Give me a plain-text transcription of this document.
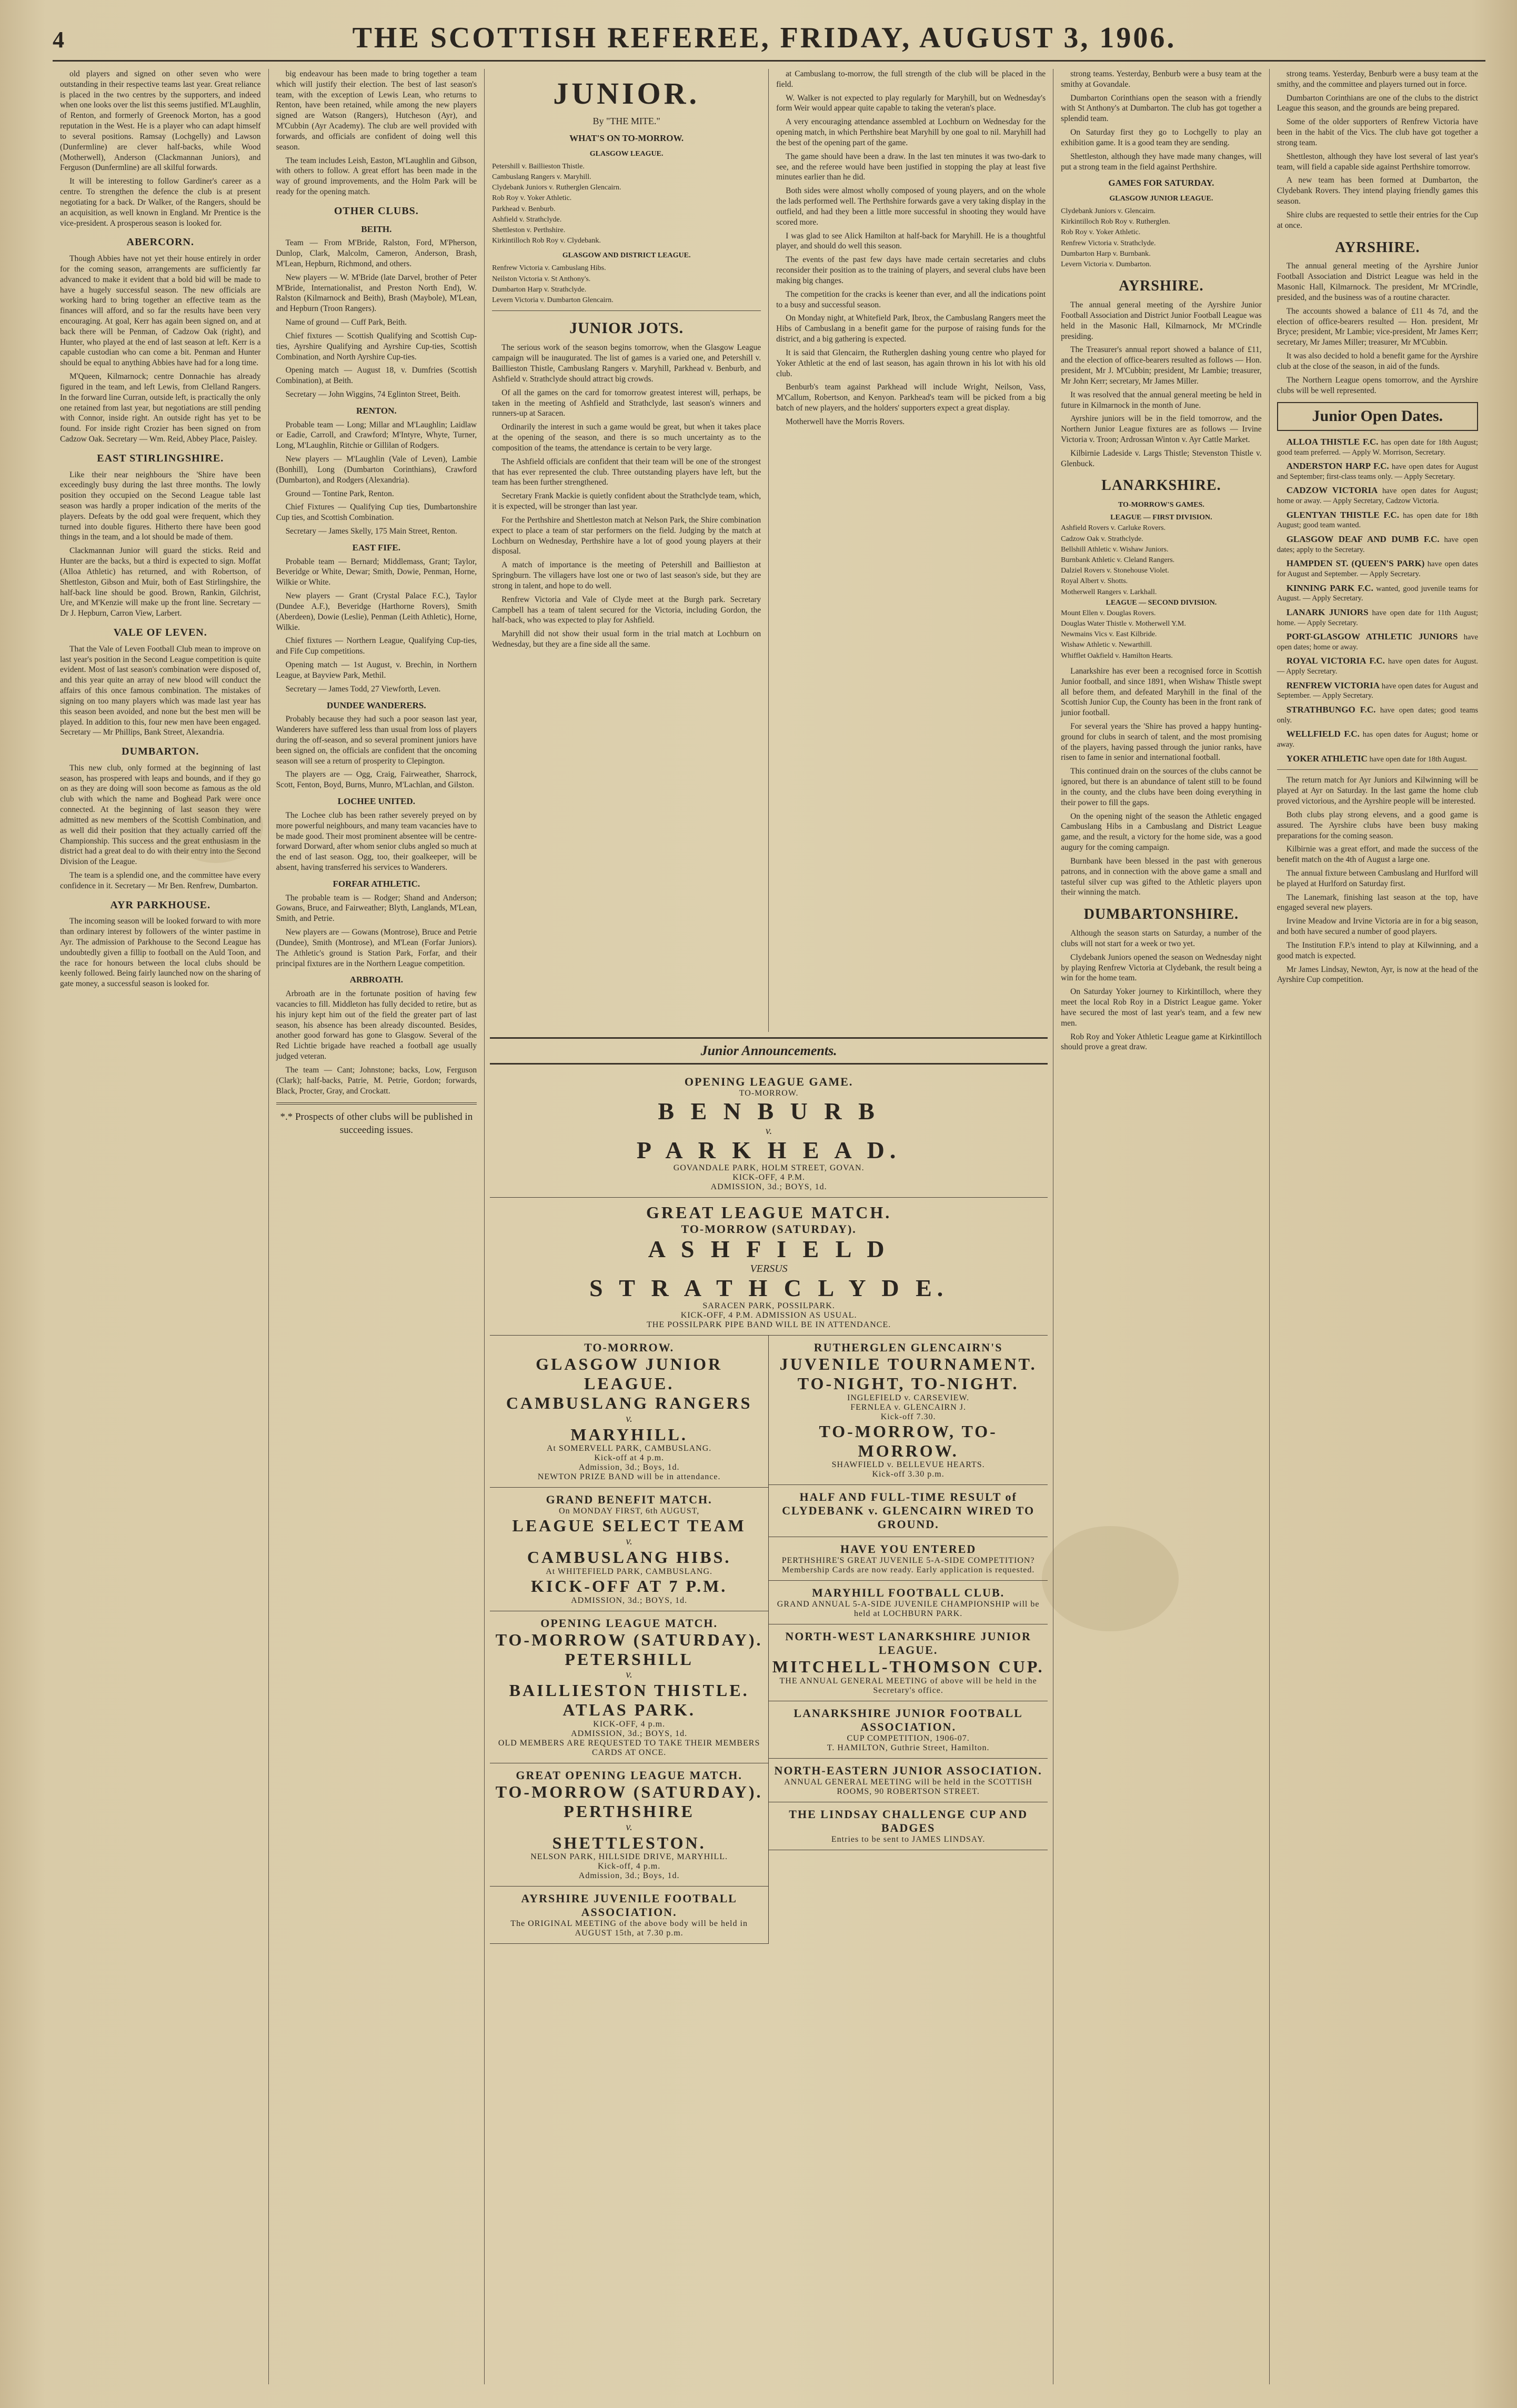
4	THE SCOTTISH REFEREE, FRIDAY, AUGUST 3, 1906.

old players and signed on other seven who were outstanding in their respective teams last year. Great reliance is placed in the two centres by the supporters, and indeed when one looks over the list this seems justified. M'Laughlin, of Renton, and formerly of Greenock Morton, has a good reputation in the West. He is a player who can adapt himself to several positions. Ramsay (Lochgelly) and Lawson (Dunfermline) are clever half-backs, while Wood (Motherwell), Anderson (Clackmannan Juniors), and Ferguson (Dunfermline) are all skilful forwards.

It will be interesting to follow Gardiner's career as a centre. To strengthen the defence the club is at present negotiating for a back. Dr Walker, of the Rangers, should be an acquisition, as well known in England. Mr Prentice is the vice-president. A prosperous season is looked for.

ABERCORN.

Though Abbies have not yet their house entirely in order for the coming season, arrangements are sufficiently far advanced to make it evident that a bold bid will be made to have a hugely successful season. The new officials are working hard to bring together an effective team as the finances will afford, and so far the results have been very encouraging. At goal, Kerr has again been signed on, and at back there will be Penman, of Cadzow Oak (right), and Hunter, who played at the end of last season at left. Kerr is a capable custodian who can come a bit. Penman and Hunter should be equal to anything Abbies have had for a long time.

M'Queen, Kilmarnock; centre Donnachie has already figured in the team, and left Lewis, from Clelland Rangers. In the forward line Curran, outside left, is practically the only one retained from last year, but negotiations are still pending with Connor, inside right. An outside right has yet to be found. For inside right Crozier has been signed on from Cadzow Oak. Secretary — Wm. Reid, Abbey Place, Paisley.

EAST STIRLINGSHIRE.

Like their near neighbours the 'Shire have been exceedingly busy during the last three months. The lowly position they occupied on the Second League table last season was hardly a proper indication of the merits of the players. Defeats by the odd goal were frequent, which they turned into double figures. Hitherto there have been good things in the team, and a lot should be made of them.

Clackmannan Junior will guard the sticks. Reid and Hunter are the backs, but a third is expected to sign. Moffat (Alloa Athletic) has returned, and with Robertson, of Shettleston, Gibson and Muir, both of East Stirlingshire, the half-back line should be good. Brown, Rankin, Gilchrist, Ure, and M'Kenzie will make up the front line. Secretary — Dr J. Hepburn, Carron View, Larbert.

VALE OF LEVEN.

That the Vale of Leven Football Club mean to improve on last year's position in the Second League competition is quite evident. Most of last season's combination were disposed of, and this year quite an array of new blood will conduct the affairs of this once famous combination. The mistakes of signing on too many players which was made last year has this season been avoided, and none but the best men will be played. In addition to this, four new men have been engaged. Secretary — Mr Phillips, Bank Street, Alexandria.

DUMBARTON.

This new club, only formed at the beginning of last season, has prospered with leaps and bounds, and if they go on as they are doing will soon become as famous as the old club with which the name and Boghead Park were once connected. At the beginning of last season they were admitted as new members of the Scottish Combination, and as well did their position that they actually carried off the Championship. This success and the great enthusiasm in the district had a great deal to do with their entry into the Second Division of the League.

The team is a splendid one, and the committee have every confidence in it. Secretary — Mr Ben. Renfrew, Dumbarton.

AYR PARKHOUSE.

The incoming season will be looked forward to with more than ordinary interest by followers of the winter pastime in Ayr. The admission of Parkhouse to the Second League has undoubtedly given a fillip to football on the Auld Toon, and the race for honours between the local clubs should be keenly followed. Being fairly launched now on the sharing of gate money, a successful season is looked for.

big endeavour has been made to bring together a team which will justify their election. The best of last season's team, with the exception of Lewis Lean, who returns to Renton, have been retained, while among the new players signed are Watson (Rangers), Hutcheson (Ayr), and M'Cubbin (Ayr Academy). The club are well provided with forwards, and officials are confident of doing well this season.

The team includes Leish, Easton, M'Laughlin and Gibson, with others to follow. A great effort has been made in the way of ground improvements, and the Holm Park will be ready for the opening match.

OTHER CLUBS.
BEITH.

Team — From M'Bride, Ralston, Ford, M'Pherson, Dunlop, Clark, Malcolm, Cameron, Anderson, Brash, M'Lean, Hepburn, Richmond, and others.

New players — W. M'Bride (late Darvel, brother of Peter M'Bride, Internationalist, and Preston North End), W. Ralston (Kilmarnock and Beith), Brash (Maybole), M'Lean, and Hepburn (Troon Rangers).

Name of ground — Cuff Park, Beith.

Chief fixtures — Scottish Qualifying and Scottish Cup-ties, Ayrshire Qualifying and Ayrshire Cup-ties, Scottish Combination, and North Ayrshire Cup-ties.

Opening match — August 18, v. Dumfries (Scottish Combination), at Beith.

Secretary — John Wiggins, 74 Eglinton Street, Beith.

RENTON.

Probable team — Long; Millar and M'Laughlin; Laidlaw or Eadie, Carroll, and Crawford; M'Intyre, Whyte, Turner, Long, M'Laughlin, Ritchie or Gillilan of Rodgers.

New players — M'Laughlin (Vale of Leven), Lambie (Bonhill), Long (Dumbarton Corinthians), Crawford (Dumbarton), and Rodgers (Alexandria).

Ground — Tontine Park, Renton.

Chief Fixtures — Qualifying Cup ties, Dumbartonshire Cup ties, and Scottish Combination.

Secretary — James Skelly, 175 Main Street, Renton.

EAST FIFE.

Probable team — Bernard; Middlemass, Grant; Taylor, Beveridge or White, Dewar; Smith, Dowie, Penman, Horne, Wilkie or White.

New players — Grant (Crystal Palace F.C.), Taylor (Dundee A.F.), Beveridge (Harthorne Rovers), Smith (Aberdeen), Dowie (Leslie), Penman (Leith Athletic), Horne, Wilkie.

Chief fixtures — Northern League, Qualifying Cup-ties, and Fife Cup competitions.

Opening match — 1st August, v. Brechin, in Northern League, at Bayview Park, Methil.

Secretary — James Todd, 27 Viewforth, Leven.

DUNDEE WANDERERS.

Probably because they had such a poor season last year, Wanderers have suffered less than usual from loss of players during the off-season, and so several prominent juniors have been signed on, the officials are confident that the oncoming season will see a return of prosperity to Clepington.

The players are — Ogg, Craig, Fairweather, Sharrock, Scott, Fenton, Boyd, Burns, Munro, M'Lachlan, and Gilston.

LOCHEE UNITED.

The Lochee club has been rather severely preyed on by more powerful neighbours, and many team vacancies have to be made good. Their most prominent absentee will be centre-forward Dorward, after whom senior clubs angled so much at the end of last season. Ogg, too, their goalkeeper, will be absent, having transferred his services to Wanderers.

FORFAR ATHLETIC.

The probable team is — Rodger; Shand and Anderson; Gowans, Bruce, and Fairweather; Blyth, Langlands, M'Lean, Smith, and Petrie.

New players are — Gowans (Montrose), Bruce and Petrie (Dundee), Smith (Montrose), and M'Lean (Forfar Juniors). The Athletic's ground is Station Park, Forfar, and their principal fixtures are in the Northern League competition.

ARBROATH.

Arbroath are in the fortunate position of having few vacancies to fill. Middleton has fully decided to retire, but as his injury kept him out of the field the greater part of last season, his absence has been already discounted. Besides, another good forward has gone to Glasgow. Several of the Red Lichtie brigade have reached a football age usually judged veteran.

The team — Cant; Johnstone; backs, Low, Ferguson (Clark); half-backs, Patrie, M. Petrie, Gordon; forwards, Black, Procter, Gray, and Crockatt.

*.* Prospects of other clubs will be published in succeeding issues.

JUNIOR.
By "THE MITE."
WHAT'S ON TO-MORROW.
GLASGOW LEAGUE.
Petershill v. Baillieston Thistle.
Cambuslang Rangers v. Maryhill.
Clydebank Juniors v. Rutherglen Glencairn.
Rob Roy v. Yoker Athletic.
Parkhead v. Benburb.
Ashfield v. Strathclyde.
Shettleston v. Perthshire.
Kirkintilloch Rob Roy v. Clydebank.
GLASGOW AND DISTRICT LEAGUE.
Renfrew Victoria v. Cambuslang Hibs.
Neilston Victoria v. St Anthony's.
Dumbarton Harp v. Strathclyde.
Levern Victoria v. Dumbarton Glencairn.
JUNIOR JOTS.

The serious work of the season begins tomorrow, when the Glasgow League campaign will be inaugurated. The list of games is a varied one, and Petershill v. Baillieston Thistle, Cambuslang Rangers v. Maryhill, Parkhead v. Benburb, and Ashfield v. Strathclyde should attract big crowds.

Of all the games on the card for tomorrow greatest interest will, perhaps, be taken in the meeting of Ashfield and Strathclyde, last season's winners and runners-up at Saracen.

Ordinarily the interest in such a game would be great, but when it takes place at the opening of the season, and there is so much uncertainty as to the composition of the teams, the attendance is certain to be very large.

The Ashfield officials are confident that their team will be one of the strongest that has ever represented the club. Three outstanding players have left, but the team has been further strengthened.

Secretary Frank Mackie is quietly confident about the Strathclyde team, which, it is expected, will be stronger than last year.

For the Perthshire and Shettleston match at Nelson Park, the Shire combination expect to place a team of star performers on the field. Judging by the match at Lochburn on Wednesday, Perthshire have a lot of good young players at their disposal.

A match of importance is the meeting of Petershill and Baillieston at Springburn. The villagers have lost one or two of last season's side, but they are strong in talent, and hope to do well.

Renfrew Victoria and Vale of Clyde meet at the Burgh park. Secretary Campbell has a team of talent secured for the Victoria, including Gordon, the half-back, who was expected to play for Ashfield.

Maryhill did not show their usual form in the trial match at Lochburn on Wednesday, but they are a fine side all the same.

at Cambuslang to-morrow, the full strength of the club will be placed in the field.

W. Walker is not expected to play regularly for Maryhill, but on Wednesday's form Weir would appear quite capable to taking the veteran's place.

A very encouraging attendance assembled at Lochburn on Wednesday for the opening match, in which Perthshire beat Maryhill by one goal to nil. Maryhill had the best of the opening part of the game.

The game should have been a draw. In the last ten minutes it was two-dark to see, and the referee would have been justified in stopping the play at least five minutes earlier than he did.

Both sides were almost wholly composed of young players, and on the whole the lads performed well. The Perthshire forwards gave a very taking display in the outfield, and had they been a little more successful in shooting they would have scored more.

I was glad to see Alick Hamilton at half-back for Maryhill. He is a thoughtful player, and should do well this season.

The events of the past few days have made certain secretaries and clubs reconsider their position as to the training of players, and several clubs have been making big changes.

The competition for the cracks is keener than ever, and all the indications point to a busy and successful season.

On Monday night, at Whitefield Park, Ibrox, the Cambuslang Rangers meet the Hibs of Cambuslang in a benefit game for the purpose of raising funds for the district, and a big gathering is expected.

It is said that Glencairn, the Rutherglen dashing young centre who played for Yoker Athletic at the end of last season, has again thrown in his lot with his old club.

Benburb's team against Parkhead will include Wright, Neilson, Vass, M'Callum, Robertson, and Kenyon. Parkhead's team will be picked from a big batch of new players, and the holders' supporters expect a great display.

Motherwell have the Morris Rovers.

Junior Announcements.
OPENING LEAGUE GAME.
TO-MORROW.
B E N B U R B
v.
P A R K H E A D.
GOVANDALE PARK, HOLM STREET, GOVAN.
KICK-OFF, 4 P.M.
ADMISSION, 3d.; BOYS, 1d.
GREAT LEAGUE MATCH.
TO-MORROW (SATURDAY).
A S H F I E L D
VERSUS
S T R A T H C L Y D E.
SARACEN PARK, POSSILPARK.
KICK-OFF, 4 P.M. ADMISSION AS USUAL.
THE POSSILPARK PIPE BAND WILL BE IN ATTENDANCE.
TO-MORROW.
GLASGOW JUNIOR LEAGUE.
CAMBUSLANG RANGERS
v.
MARYHILL.
At SOMERVELL PARK, CAMBUSLANG.
Kick-off at 4 p.m.
Admission, 3d.; Boys, 1d.
NEWTON PRIZE BAND will be in attendance.
GRAND BENEFIT MATCH.
On MONDAY FIRST, 6th AUGUST,
LEAGUE SELECT TEAM
v.
CAMBUSLANG HIBS.
At WHITEFIELD PARK, CAMBUSLANG.
KICK-OFF AT 7 P.M.
ADMISSION, 3d.; BOYS, 1d.
OPENING LEAGUE MATCH.
TO-MORROW (SATURDAY).
PETERSHILL
v.
BAILLIESTON THISTLE.
ATLAS PARK.
KICK-OFF, 4 p.m.
ADMISSION, 3d.; BOYS, 1d.
OLD MEMBERS ARE REQUESTED TO TAKE THEIR MEMBERS CARDS AT ONCE.
GREAT OPENING LEAGUE MATCH.
TO-MORROW (SATURDAY).
PERTHSHIRE
v.
SHETTLESTON.
NELSON PARK, HILLSIDE DRIVE, MARYHILL.
Kick-off, 4 p.m.
Admission, 3d.; Boys, 1d.
AYRSHIRE JUVENILE FOOTBALL ASSOCIATION.
The ORIGINAL MEETING of the above body will be held in AUGUST 15th, at 7.30 p.m.
RUTHERGLEN GLENCAIRN'S
JUVENILE TOURNAMENT.
TO-NIGHT, TO-NIGHT.
INGLEFIELD v. CARSEVIEW.
FERNLEA v. GLENCAIRN J.
Kick-off 7.30.
TO-MORROW, TO-MORROW.
SHAWFIELD v. BELLEVUE HEARTS.
Kick-off 3.30 p.m.
HALF AND FULL-TIME RESULT of CLYDEBANK v. GLENCAIRN WIRED TO GROUND.
HAVE YOU ENTERED
PERTHSHIRE'S GREAT JUVENILE 5-A-SIDE COMPETITION?
Membership Cards are now ready. Early application is requested.
MARYHILL FOOTBALL CLUB.
GRAND ANNUAL 5-A-SIDE JUVENILE CHAMPIONSHIP will be held at LOCHBURN PARK.
NORTH-WEST LANARKSHIRE JUNIOR LEAGUE.
MITCHELL-THOMSON CUP.
THE ANNUAL GENERAL MEETING of above will be held in the Secretary's office.
LANARKSHIRE JUNIOR FOOTBALL ASSOCIATION.
CUP COMPETITION, 1906-07.
T. HAMILTON, Guthrie Street, Hamilton.
NORTH-EASTERN JUNIOR ASSOCIATION.
ANNUAL GENERAL MEETING will be held in the SCOTTISH ROOMS, 90 ROBERTSON STREET.
THE LINDSAY CHALLENGE CUP AND BADGES
Entries to be sent to JAMES LINDSAY.

strong teams. Yesterday, Benburb were a busy team at the smithy at Govandale.

Dumbarton Corinthians open the season with a friendly with St Anthony's at Dumbarton. The club has got together a splendid team.

On Saturday first they go to Lochgelly to play an exhibition game. It is a good team they are sending.

Shettleston, although they have made many changes, will put a strong team in the field against Perthshire.

GAMES FOR SATURDAY.
GLASGOW JUNIOR LEAGUE.
Clydebank Juniors v. Glencairn.
Kirkintilloch Rob Roy v. Rutherglen.
Rob Roy v. Yoker Athletic.
Renfrew Victoria v. Strathclyde.
Dumbarton Harp v. Burnbank.
Levern Victoria v. Dumbarton.
AYRSHIRE.

The annual general meeting of the Ayrshire Junior Football Association and District Junior Football League was held in the Masonic Hall, Kilmarnock, Mr M'Crindle presiding.

The Treasurer's annual report showed a balance of £11, and the election of office-bearers resulted as follows — Hon. president, Mr J. M'Cubbin; president, Mr Lambie; treasurer, Mr John Kerr; secretary, Mr James Miller.

It was resolved that the annual general meeting be held in future in Kilmarnock in the month of June.

Ayrshire juniors will be in the field tomorrow, and the Northern Junior League fixtures are as follows — Irvine Victoria v. Troon; Ardrossan Winton v. Ayr Cattle Market.

Kilbirnie Ladeside v. Largs Thistle; Stevenston Thistle v. Glenbuck.

LANARKSHIRE.
TO-MORROW'S GAMES.
LEAGUE — FIRST DIVISION.
Ashfield Rovers v. Carluke Rovers.
Cadzow Oak v. Strathclyde.
Bellshill Athletic v. Wishaw Juniors.
Burnbank Athletic v. Cleland Rangers.
Dalziel Rovers v. Stonehouse Violet.
Royal Albert v. Shotts.
Motherwell Rangers v. Larkhall.
LEAGUE — SECOND DIVISION.
Mount Ellen v. Douglas Rovers.
Douglas Water Thistle v. Motherwell Y.M.
Newmains Vics v. East Kilbride.
Wishaw Athletic v. Newarthill.
Whifflet Oakfield v. Hamilton Hearts.

Lanarkshire has ever been a recognised force in Scottish Junior football, and since 1891, when Wishaw Thistle swept all before them, and defeated Maryhill in the final of the Scottish Junior Cup, the County has been in the front rank of junior football.

For several years the 'Shire has proved a happy hunting-ground for clubs in search of talent, and the most promising of the players, having passed through the junior ranks, have risen to fame in senior and international football.

This continued drain on the sources of the clubs cannot be ignored, but there is an abundance of talent still to be found in the county, and the clubs have been doing everything in their power to fill the gaps.

On the opening night of the season the Athletic engaged Cambuslang Hibs in a Cambuslang and District League game, and the result, a victory for the home side, was a good augury for the coming campaign.

Burnbank have been blessed in the past with generous patrons, and in connection with the above game a small and tasteful silver cup was gifted to the Athletic players upon their winning the match.

DUMBARTONSHIRE.

Although the season starts on Saturday, a number of the clubs will not start for a week or two yet.

Clydebank Juniors opened the season on Wednesday night by playing Renfrew Victoria at Clydebank, the result being a win for the home team.

On Saturday Yoker journey to Kirkintilloch, where they meet the local Rob Roy in a District League game. Yoker have secured the most of last year's team, and a few new men.

Rob Roy and Yoker Athletic League game at Kirkintilloch should prove a great draw.

strong teams. Yesterday, Benburb were a busy team at the smithy, and the committee and players turned out in force.

Dumbarton Corinthians are one of the clubs to the district League this season, and the grounds are being prepared.

Some of the older supporters of Renfrew Victoria have been in the habit of the Vics. The club have got together a strong team.

Shettleston, although they have lost several of last year's team, will field a capable side against Perthshire tomorrow.

A new team has been formed at Dumbarton, the Clydebank Rovers. They intend playing friendly games this season.

Shire clubs are requested to settle their entries for the Cup at once.

AYRSHIRE.

The annual general meeting of the Ayrshire Junior Football Association and District League was held in the Masonic Hall, Kilmarnock. The president, Mr M'Crindle, presided, and the business was of a routine character.

The accounts showed a balance of £11 4s 7d, and the election of office-bearers resulted — Hon. president, Mr Bryce; president, Mr Lambie; vice-president, Mr James Kerr; secretary, Mr James Miller; treasurer, Mr M'Cubbin.

It was also decided to hold a benefit game for the Ayrshire club at the close of the season, in aid of the funds.

The Northern League opens tomorrow, and the Ayrshire clubs will be well represented.

Junior Open Dates.

ALLOA THISTLE F.C. has open date for 18th August; good team preferred. — Apply W. Morrison, Secretary.

ANDERSTON HARP F.C. have open dates for August and September; first-class teams only. — Apply Secretary.

CADZOW VICTORIA have open dates for August; home or away. — Apply Secretary, Cadzow Victoria.

GLENTYAN THISTLE F.C. has open date for 18th August; good team wanted.

GLASGOW DEAF AND DUMB F.C. have open dates; apply to the Secretary.

HAMPDEN ST. (QUEEN'S PARK) have open dates for August and September. — Apply Secretary.

KINNING PARK F.C. wanted, good juvenile teams for August. — Apply Secretary.

LANARK JUNIORS have open date for 11th August; home. — Apply Secretary.

PORT-GLASGOW ATHLETIC JUNIORS have open dates; home or away.

ROYAL VICTORIA F.C. have open dates for August. — Apply Secretary.

RENFREW VICTORIA have open dates for August and September. — Apply Secretary.

STRATHBUNGO F.C. have open dates; good teams only.

WELLFIELD F.C. has open dates for August; home or away.

YOKER ATHLETIC have open date for 18th August.

The return match for Ayr Juniors and Kilwinning will be played at Ayr on Saturday. In the last game the home club proved victorious, and the Ayrshire people will be interested.

Both clubs play strong elevens, and a good game is assured. The Ayrshire clubs have been busy making preparations for the coming season.

Kilbirnie was a great effort, and made the success of the benefit match on the 4th of August a large one.

The annual fixture between Cambuslang and Hurlford will be played at Hurlford on Saturday first.

The Lanemark, finishing last season at the top, have engaged several new players.

Irvine Meadow and Irvine Victoria are in for a big season, and both have secured a number of good players.

The Institution F.P.'s intend to play at Kilwinning, and a good match is expected.

Mr James Lindsay, Newton, Ayr, is now at the head of the Ayrshire Cup competition.
